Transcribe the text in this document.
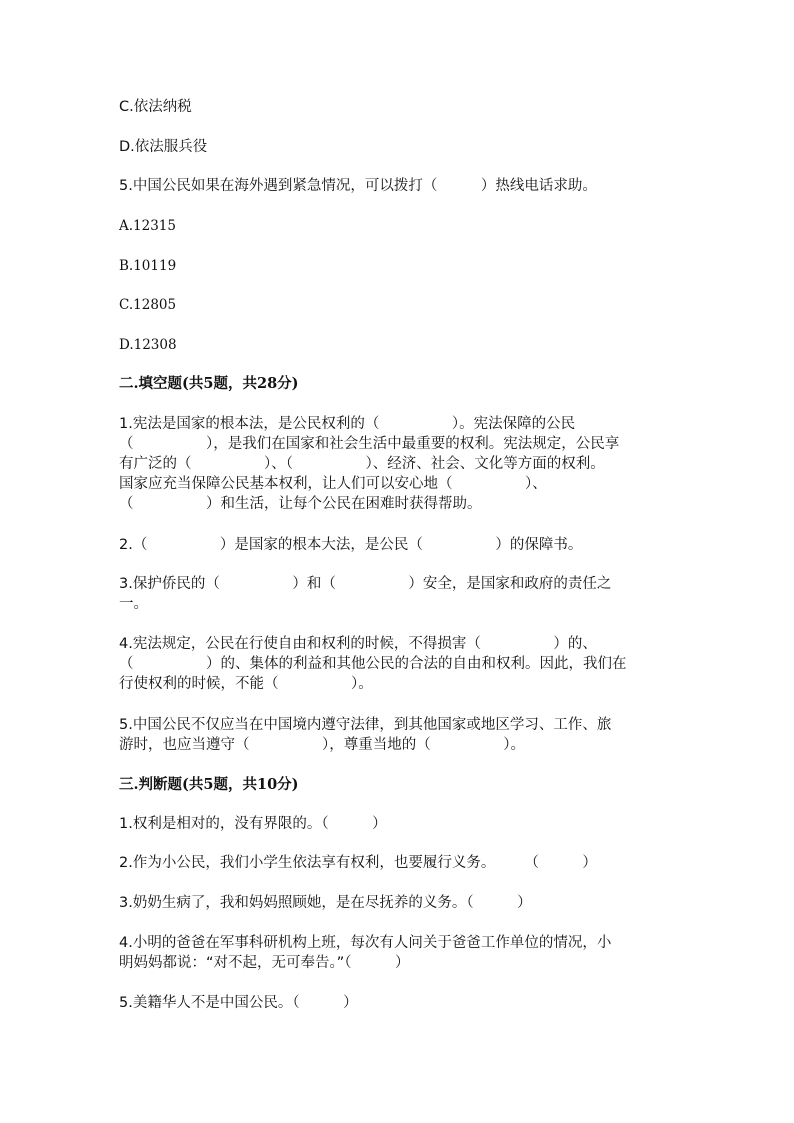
C.依法纳税

D.依法服兵役

5.中国公民如果在海外遇到紧急情况，可以拨打（　　　）热线电话求助。

A.12315

B.10119

C.12805

D.12308

二.填空题(共5题，共28分)

1.宪法是国家的根本法，是公民权利的（　　　　　）。宪法保障的公民

（　　　　　），是我们在国家和社会生活中最重要的权利。宪法规定，公民享

有广泛的（　　　　　）、（　　　　　）、经济、社会、文化等方面的权利。

国家应充当保障公民基本权利，让人们可以安心地（　　　　　）、

（　　　　　）和生活，让每个公民在困难时获得帮助。

2.（　　　　　）是国家的根本大法，是公民（　　　　　）的保障书。

3.保护侨民的（　　　　　）和（　　　　　）安全，是国家和政府的责任之

一。

4.宪法规定，公民在行使自由和权利的时候，不得损害（　　　　　）的、

（　　　　　）的、集体的利益和其他公民的合法的自由和权利。因此，我们在

行使权利的时候，不能（　　　　　）。

5.中国公民不仅应当在中国境内遵守法律，到其他国家或地区学习、工作、旅

游时，也应当遵守（　　　　　），尊重当地的（　　　　　）。

三.判断题(共5题，共10分)

1.权利是相对的，没有界限的。（　　　）

2.作为小公民，我们小学生依法享有权利，也要履行义务。　　　（　　　）

3.奶奶生病了，我和妈妈照顾她，是在尽抚养的义务。（　　　）

4.小明的爸爸在军事科研机构上班，每次有人问关于爸爸工作单位的情况，小

明妈妈都说：“对不起，无可奉告。”（　　　）

5.美籍华人不是中国公民。（　　　）
